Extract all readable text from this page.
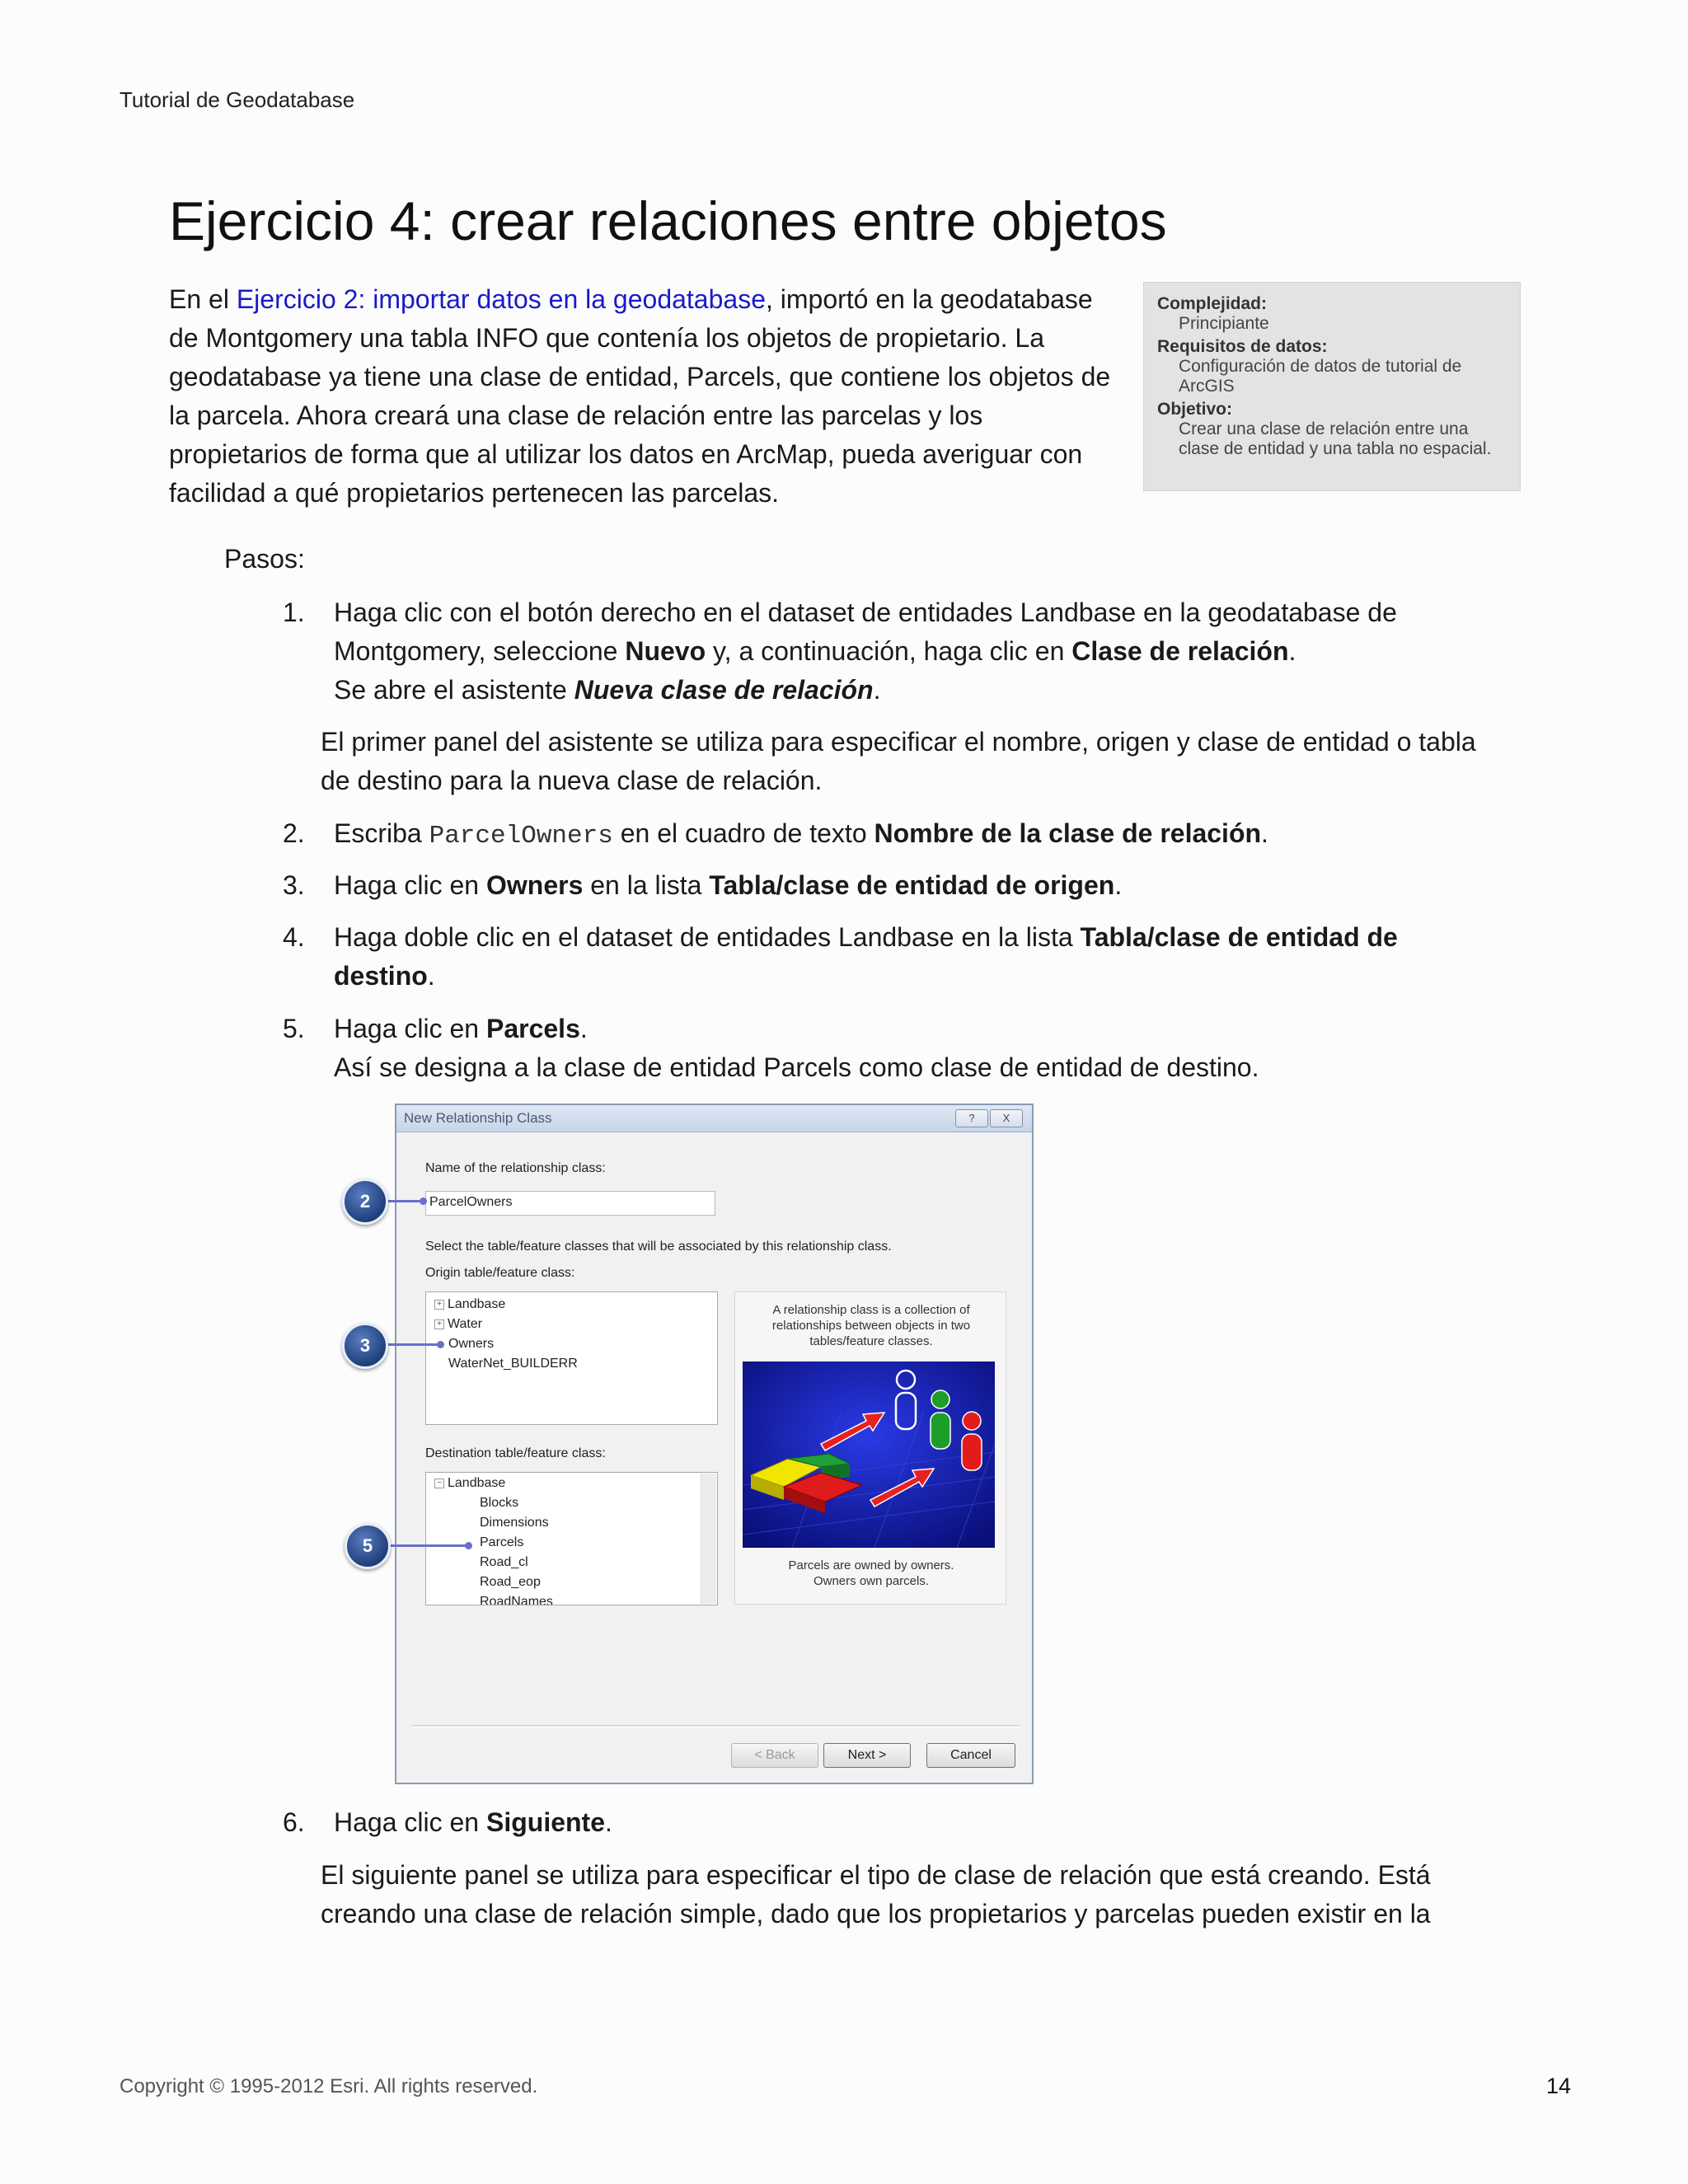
Tutorial de Geodatabase
Ejercicio 4: crear relaciones entre objetos

En el Ejercicio 2: importar datos en la geodatabase, importó en la geodatabase de Montgomery una tabla INFO que contenía los objetos de propietario. La geodatabase ya tiene una clase de entidad, Parcels, que contiene los objetos de la parcela. Ahora creará una clase de relación entre las parcelas y los propietarios de forma que al utilizar los datos en ArcMap, pueda averiguar con facilidad a qué propietarios pertenecen las parcelas.

Complejidad:
Principiante
Requisitos de datos:
Configuración de datos de tutorial de ArcGIS
Objetivo:
Crear una clase de relación entre una clase de entidad y una tabla no espacial.
Pasos:
1.	Haga clic con el botón derecho en el dataset de entidades Landbase en la geodatabase de Montgomery, seleccione Nuevo y, a continuación, haga clic en Clase de relación.
Se abre el asistente Nueva clase de relación.
El primer panel del asistente se utiliza para especificar el nombre, origen y clase de entidad o tabla de destino para la nueva clase de relación.
2.	Escriba ParcelOwners en el cuadro de texto Nombre de la clase de relación.
3.	Haga clic en Owners en la lista Tabla/clase de entidad de origen.
4.	Haga doble clic en el dataset de entidades Landbase en la lista Tabla/clase de entidad de destino.
5.	Haga clic en Parcels.
Así se designa a la clase de entidad Parcels como clase de entidad de destino.
New Relationship Class	?	X
Name of the relationship class:
ParcelOwners
Select the table/feature classes that will be associated by this relationship class.
Origin table/feature class:
+ Landbase
+ Water
Owners
WaterNet_BUILDERR
Destination table/feature class:
− Landbase
Blocks
Dimensions
Parcels
Road_cl
Road_eop
RoadNames
A relationship class is a collection of relationships between objects in two tables/feature classes.
Parcels are owned by owners. Owners own parcels.
< Back	Next >	Cancel
2
3
5
6.	Haga clic en Siguiente.
El siguiente panel se utiliza para especificar el tipo de clase de relación que está creando. Está creando una clase de relación simple, dado que los propietarios y parcelas pueden existir en la
Copyright © 1995-2012 Esri. All rights reserved.	14
